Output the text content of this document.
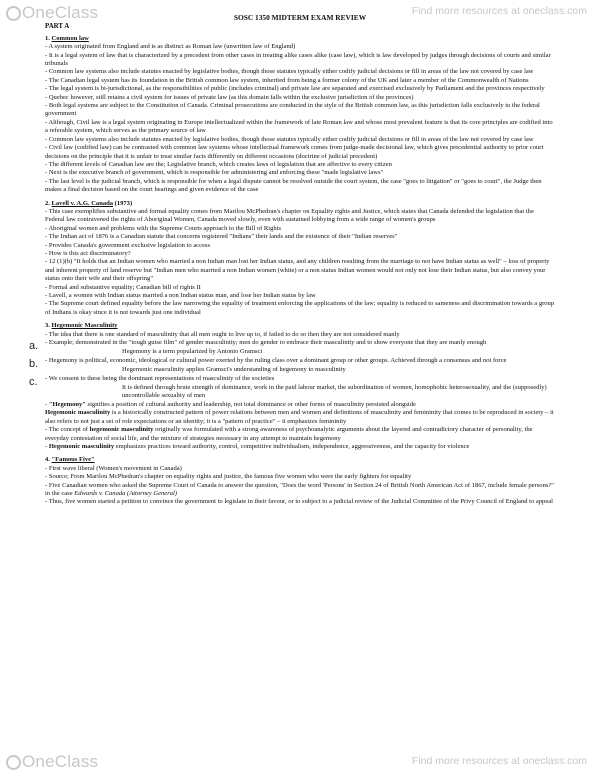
OneClass	Find more resources at oneclass.com
SOSC 1350 MIDTERM EXAM REVIEW
PART A
1. Common law

- A system originated from England and is as distinct as Roman law (unwritten law of England)

- It is a legal system of law that is characterized by a precedent from other cases in treating alike cases alike (case law), which is law developed by judges through decisions of courts and similar tribunals

- Common law systems also include statutes enacted by legislative bodies, though those statutes typically either codify judicial decisions or fill in areas of the law not covered by case law

- The Canadian legal system has its foundation in the British common law system, inherited from being a former colony of the UK and later a member of the Commonwealth of Nations

- The legal system is bi-jurisdictional, as the responsibilities of public (includes criminal) and private law are separated and exercised exclusively by Parliament and the provinces respectively

- Quebec however, still retains a civil system for issues of private law (as this domain falls within the exclusive jurisdiction of the provinces)

- Both legal systems are subject to the Constitution of Canada. Criminal prosecutions are conducted in the style of the British common law, as this jurisdiction falls exclusively to the federal government

- Although, Civil law is a legal system originating in Europe intellectualized within the framework of late Roman law and whose most prevalent feature is that its core principles are codified into a referable system, which serves as the primary source of law

- Common law systems also include statutes enacted by legislative bodies, though those statutes typically either codify judicial decisions or fill in areas of the law not covered by case law

- Civil law (codified law) can be contrasted with common law systems whose intellectual framework comes from judge-made decisional law, which gives precedential authority to prior court decisions on the principle that it is unfair to treat similar facts differently on different occasions (doctrine of judicial precedent)

- The different levels of Canadian law are the; Legislative branch, which creates laws of legislation that are affective to every citizen

- Next is the executive branch of government, which is responsible for administering and enforcing these "made legislative laws"

- The last level is the judicial branch, which is responsible for when a legal dispute cannot be resolved outside the court system, the case "goes to litigation" or "goes to court", the Judge then makes a final decision based on the court hearings and given evidence of the case

2. Lavell v. A.G. Canada (1973)

- This case exemplifies substantive and formal equality comes from Marilou McPhedran's chapter on Equality rights and Justice, which states that Canada defended the legislation that the Federal law contravened the rights of Aboriginal Women, Canada moved slowly, even with sustained lobbying from a wide range of women's groups

- Aboriginal women and problems with the Supreme Courts approach to the Bill of Rights

- The Indian act of 1876 is a Canadian statute that concerns registered "Indians" their lands and the existence of their "Indian reserves"

- Provides Canada's government exclusive legislation to access

- How is this act discriminatory?

- 12 (1)(b) "It holds that an Indian women who married a non Indian man lost her Indian status, and any children resulting from the marriage to not have Indian status as well" – loss of property and inherent property of land reserve but "Indian men who married a non Indian women (white) or a non status Indian women would not only not lose their Indian status, but also convey your status onto their wife and their offspring"

- Formal and substantive equality; Canadian bill of rights II

- Lavell, a women with Indian status married a non Indian status man, and lose her Indian status by law

- The Supreme court defined equality before the law narrowing the equality of treatment enforcing the applications of the law; equality is reduced to sameness and discrimination towards a group of Indians is okay since it is not towards just one individual

3. Hegemonic Masculinity

- The idea that there is one standard of masculinity that all men ought to live up to, if failed to do so then they are not considered manly

- Example; demonstrated in the "tough guise film" of gender masculinity; men do gender to embrace their masculinity and to show everyone that they are manly enough

a.	Hegemony is a term popularized by Antonio Gramsci

- Hegemony is political, economic, ideological or cultural power exerted by the ruling class over a dominant group or other groups. Achieved through a consensus and not force

b.	Hegemonic masculinity applies Gramsci's understanding of hegemony to masculinity

- We consent to these being the dominant representations of masculinity of the societies

c.	It is defined through brute strength of dominance, work in the paid labour market, the subordination of women, homophobic heterosexuality, and the (supposedly) uncontrollable sexuality of men

- "Hegemony" signifies a position of cultural authority and leadership, not total dominance or other forms of masculinity persisted alongside

Hegemonic masculinity is a historically constructed pattern of power relations between men and women and definitions of masculinity and femininity that comes to be reproduced in society – it also refers to not just a set of role expectations or an identity; it is a "pattern of practice" – it emphasizes femininity

- The concept of hegemonic masculinity originally was formulated with a strong awareness of psychoanalytic arguments about the layered and contradictory character of personality, the everyday contestation of social life, and the mixture of strategies necessary in any attempt to maintain hegemony

- Hegemonic masculinity emphasizes practices toward authority, control, competitive individualism, independence, aggressiveness, and the capacity for violence

4. "Famous Five"

- First wave liberal (Women's movement in Canada)

- Source; From Marilou McPhedran's chapter on equality rights and justice, the famous five women who were the early fighters for equality

- Five Canadian women who asked the Supreme Court of Canada to answer the question, "Does the word 'Persons' in Section 24 of British North American Act of 1867, include female persons?" in the case Edwards v. Canada (Attorney General)

- Thus, five women started a petition to convince the government to legislate in their favour, or to subject to a judicial review of the Judicial Committee of the Privy Council of England to appeal

OneClass	Find more resources at oneclass.com
